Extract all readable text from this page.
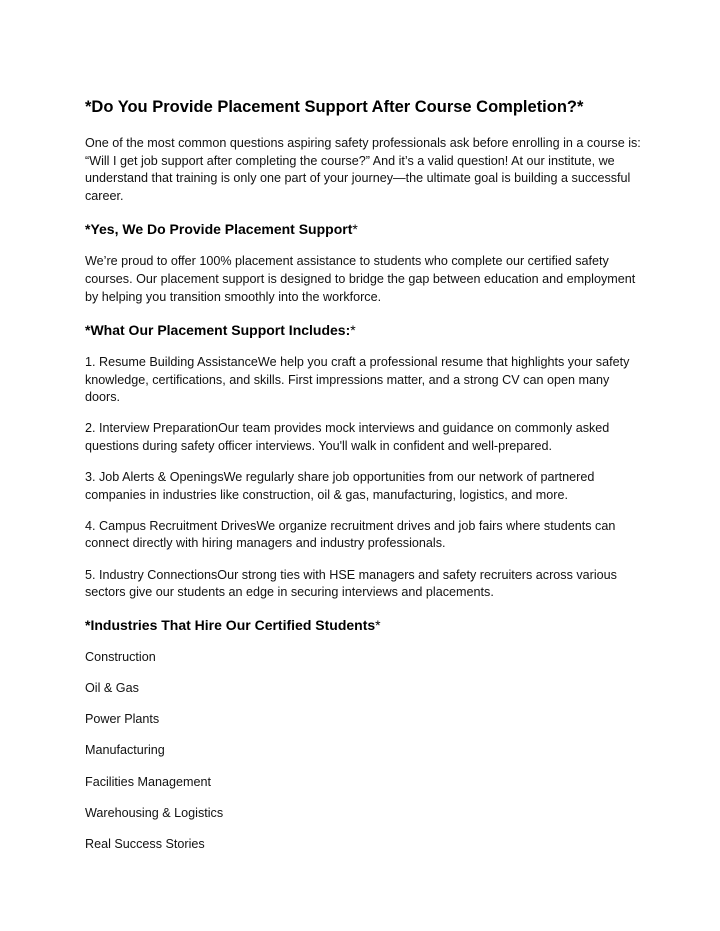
*Do You Provide Placement Support After Course Completion?*

One of the most common questions aspiring safety professionals ask before enrolling in a course is: “Will I get job support after completing the course?” And it’s a valid question! At our institute, we understand that training is only one part of your journey—the ultimate goal is building a successful career.

*Yes, We Do Provide Placement Support*

We’re proud to offer 100% placement assistance to students who complete our certified safety courses. Our placement support is designed to bridge the gap between education and employment by helping you transition smoothly into the workforce.

*What Our Placement Support Includes:*
1. Resume Building AssistanceWe help you craft a professional resume that highlights your safety knowledge, certifications, and skills. First impressions matter, and a strong CV can open many doors.
2. Interview PreparationOur team provides mock interviews and guidance on commonly asked questions during safety officer interviews. You'll walk in confident and well-prepared.
3. Job Alerts & OpeningsWe regularly share job opportunities from our network of partnered companies in industries like construction, oil & gas, manufacturing, logistics, and more.
4. Campus Recruitment DrivesWe organize recruitment drives and job fairs where students can connect directly with hiring managers and industry professionals.
5. Industry ConnectionsOur strong ties with HSE managers and safety recruiters across various sectors give our students an edge in securing interviews and placements.
*Industries That Hire Our Certified Students*
Construction
Oil & Gas
Power Plants
Manufacturing
Facilities Management
Warehousing & Logistics
Real Success Stories
